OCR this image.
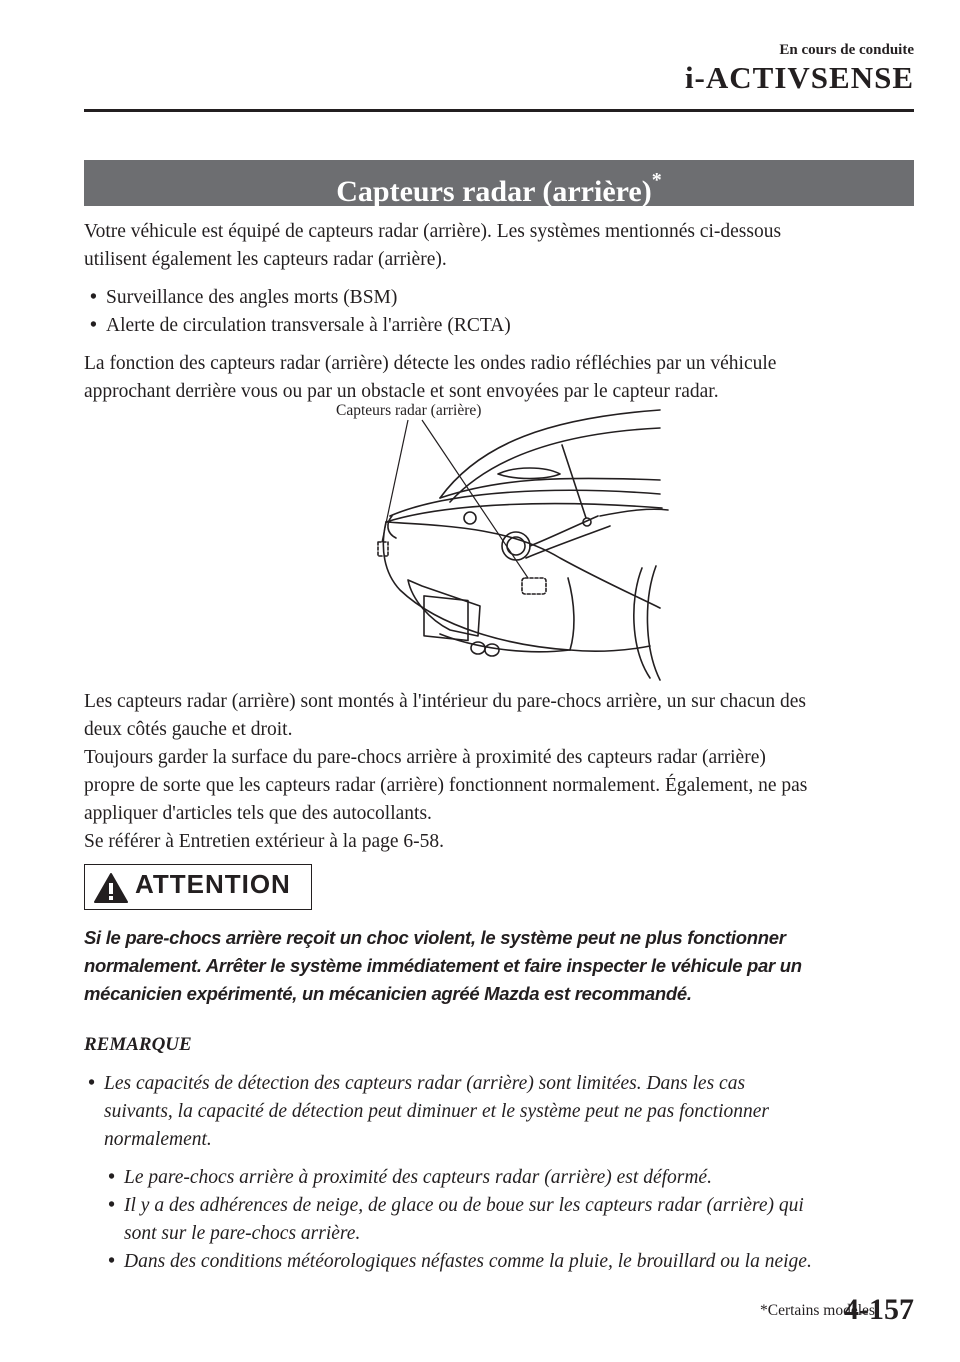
En cours de conduite
i-ACTIVSENSE
Capteurs radar (arrière)*

Votre véhicule est équipé de capteurs radar (arrière). Les systèmes mentionnés ci-dessous

utilisent également les capteurs radar (arrière).

• Surveillance des angles morts (BSM)
• Alerte de circulation transversale à l'arrière (RCTA)

La fonction des capteurs radar (arrière) détecte les ondes radio réfléchies par un véhicule

approchant derrière vous ou par un obstacle et sont envoyées par le capteur radar.

Capteurs radar (arrière)

Les capteurs radar (arrière) sont montés à l'intérieur du pare-chocs arrière, un sur chacun des

deux côtés gauche et droit.

Toujours garder la surface du pare-chocs arrière à proximité des capteurs radar (arrière)

propre de sorte que les capteurs radar (arrière) fonctionnent normalement. Également, ne pas

appliquer d'articles tels que des autocollants.

Se référer à Entretien extérieur à la page 6-58.

ATTENTION
Si le pare-chocs arrière reçoit un choc violent, le système peut ne plus fonctionner
normalement. Arrêter le système immédiatement et faire inspecter le véhicule par un
mécanicien expérimenté, un mécanicien agréé Mazda est recommandé.
REMARQUE
• Les capacités de détection des capteurs radar (arrière) sont limitées. Dans les cas
suivants, la capacité de détection peut diminuer et le système peut ne pas fonctionner
normalement.
• Le pare-chocs arrière à proximité des capteurs radar (arrière) est déformé.
• Il y a des adhérences de neige, de glace ou de boue sur les capteurs radar (arrière) qui
sont sur le pare-chocs arrière.
• Dans des conditions météorologiques néfastes comme la pluie, le brouillard ou la neige.
*Certains modèles.
4-157
